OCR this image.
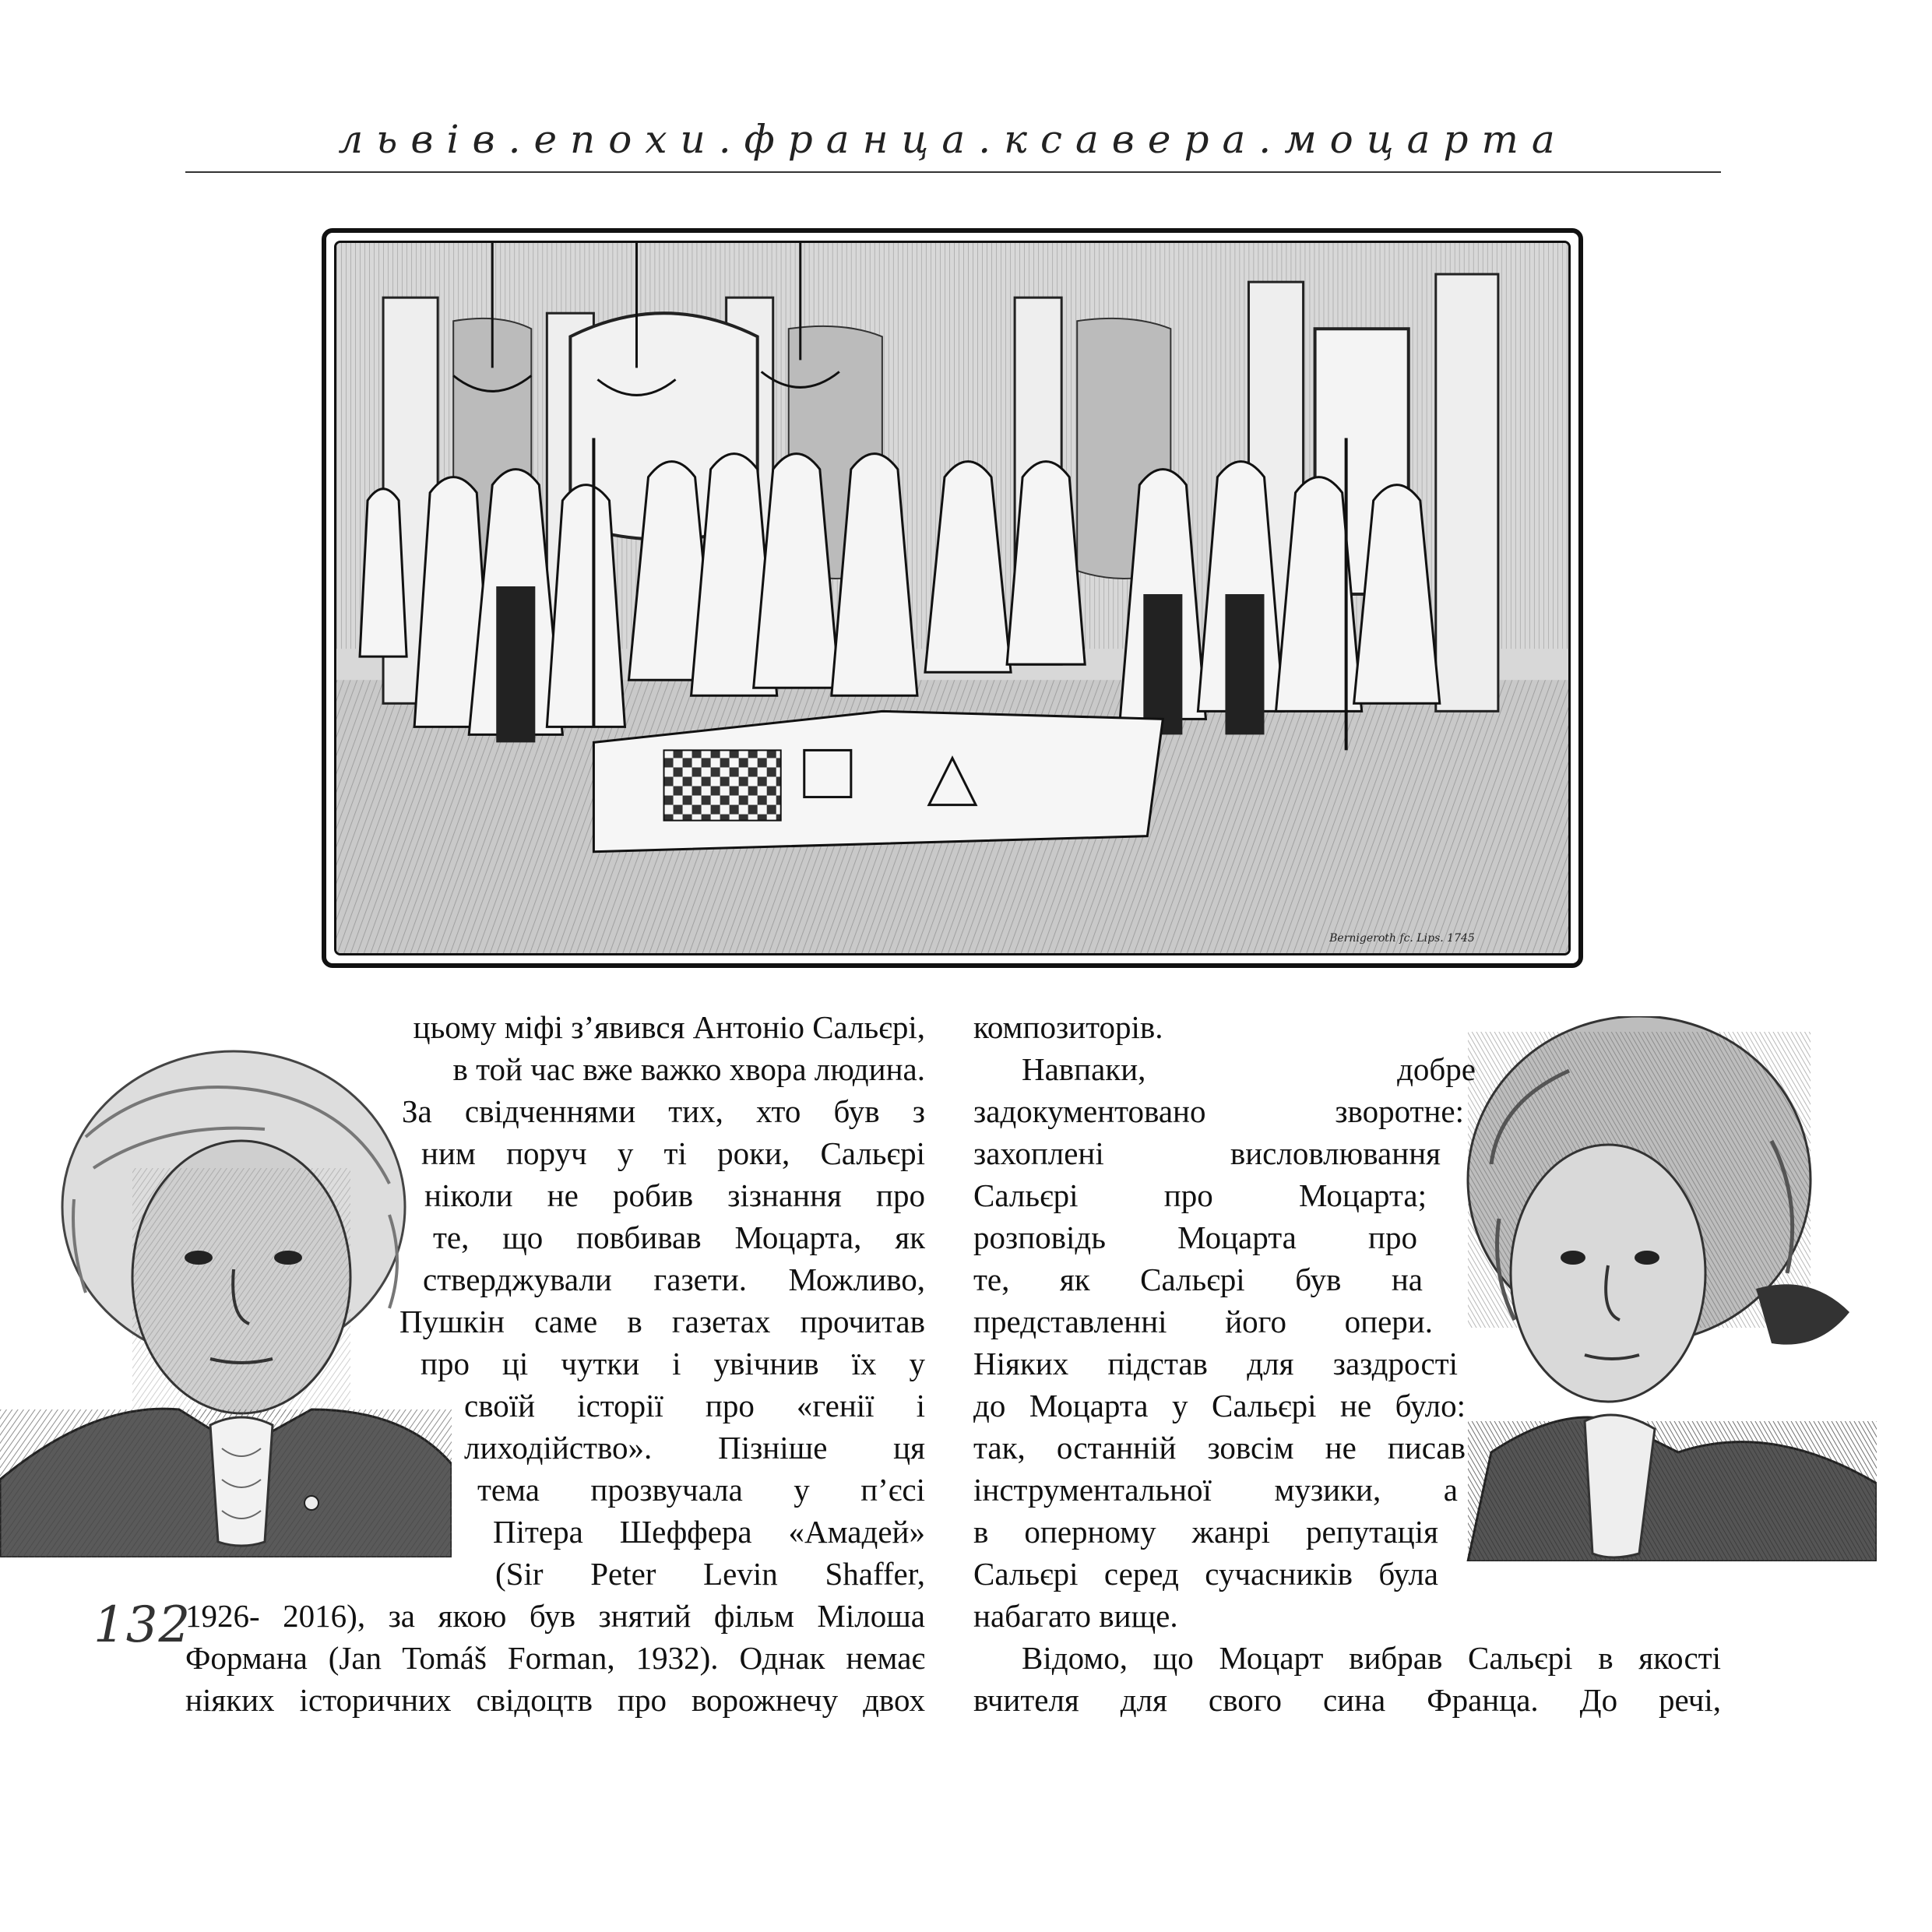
львів.епохи.франца.ксавера.моцарта
Bernigeroth fc. Lips. 1745
цьому міфі з’явився Антоніо Сальєрі,
в той час вже важко хвора людина.
За свідченнями тих, хто був з
ним поруч у ті роки, Сальєрі
ніколи не робив зізнання про
те, що повбивав Моцарта, як
стверджували газети. Можливо,
Пушкін саме в газетах прочитав
про ці чутки і увічнив їх у
своїй історії про «генії і
лиходійство». Пізніше ця
тема прозвучала у п’єсі
Пітера Шеффера «Амадей»
(Sir Peter Levin Shaffer,
1926- 2016), за якою був знятий фільм Мілоша
Формана (Jan Tomáš Forman, 1932). Однак немає
ніяких історичних свідоцтв про ворожнечу двох
композиторів.
Навпаки, добре
задокументовано зворотне:
захоплені висловлювання
Сальєрі про Моцарта;
розповідь Моцарта про
те, як Сальєрі був на
представленні його опери.
Ніяких підстав для заздрості
до Моцарта у Сальєрі не було:
так, останній зовсім не писав
інструментальної музики, а
в оперному жанрі репутація
Сальєрі серед сучасників була
набагато вище.
Відомо, що Моцарт вибрав Сальєрі в якості
вчителя для свого сина Франца. До речі,
132
